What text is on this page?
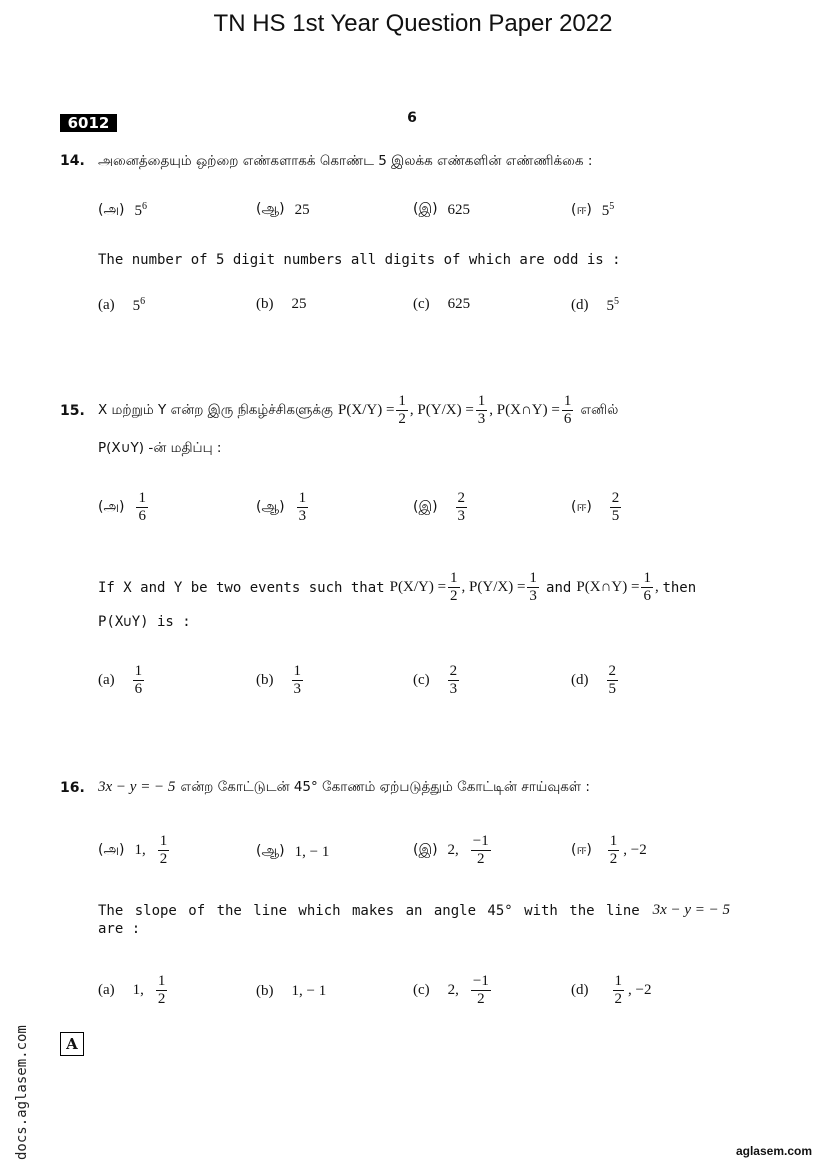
TN HS 1st Year Question Paper 2022
6012	6
14. அனைத்தையும் ஒற்றை எண்களாகக் கொண்ட 5 இலக்க எண்களின் எண்ணிக்கை :
(அ) $5^6$	(ஆ) 25	(இ) 625	(ஈ) $5^5$
The number of 5 digit numbers all digits of which are odd is :
(a) $5^6$	(b) 25	(c) 625	(d) $5^5$
15. X மற்றும் Y என்ற இரு நிகழ்ச்சிகளுக்கு
$P(X/Y) = \frac{1}{2}$ , $P(Y/X) = \frac{1}{3}$ , P(X∩Y) = $\frac{1}{6}$
எனில்
P(X∪Y) -ன் மதிப்பு :
(அ) $\frac{1}{6}$	(ஆ) $\frac{1}{3}$	(இ) $\frac{2}{3}$	(ஈ) $\frac{2}{5}$
If X and Y be two events such that
$P(X/Y) = \frac{1}{2}$ , $P(Y/X) = \frac{1}{3}$
and
P(X∩Y) = $\frac{1}{6}$ , then
P(X∪Y) is :
$(a) \frac{1}{6}$	$(b) \frac{1}{3}$	$(c) \frac{2}{3}$	$(d) \frac{2}{5}$
16. 3x − y = − 5
என்ற கோட்டுடன் 45° கோணம் ஏற்படுத்தும் கோட்டின் சாய்வுகள் :
(அ) 1, $\frac{1}{2}$	(ஆ) 1, − 1	(இ) 2, $\frac{-1}{2}$	(ஈ) $\frac{1}{2}$ , −2
The slope of the line which makes an angle 45° with the line 3x − y = − 5
are :
(a) 1, $\frac{1}{2}$	(b) 1, − 1	(c) 2, $\frac{-1}{2}$	$(d) \frac{1}{2}$ , −2
docs.aglasem.com	A
aglasem.com
